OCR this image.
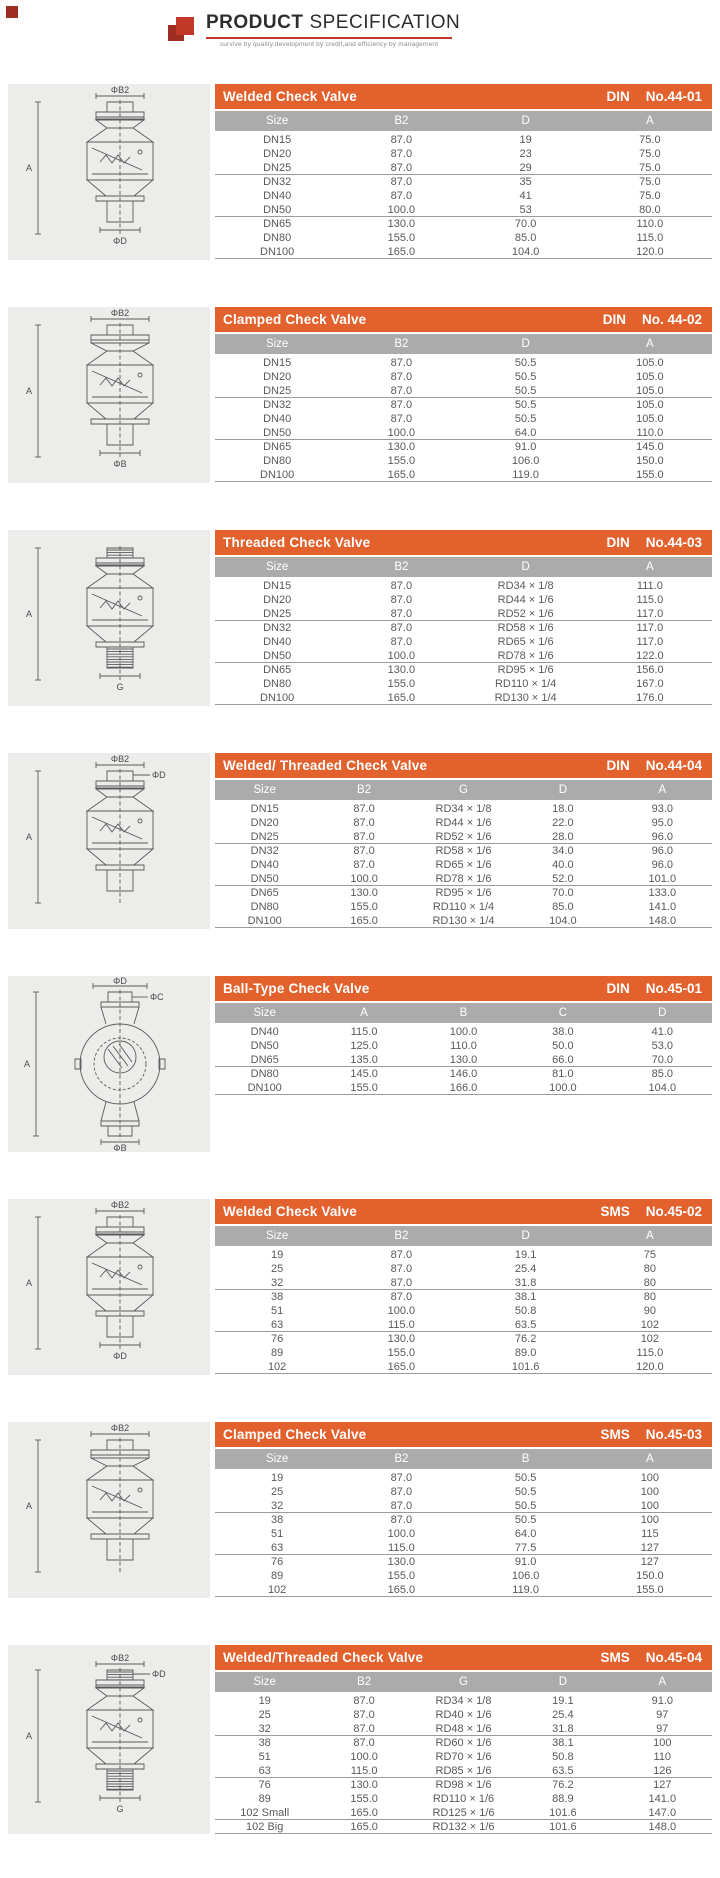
PRODUCT SPECIFICATION
survive by quality,development by credit,and efficiency by management
ΦB2
A
ΦD
Welded Check Valve	DIN No.44-01
Size	B2	D	A
DN15	87.0	19	75.0
DN20	87.0	23	75.0
DN25	87.0	29	75.0
DN32	87.0	35	75.0
DN40	87.0	41	75.0
DN50	100.0	53	80.0
DN65	130.0	70.0	110.0
DN80	155.0	85.0	115.0
DN100	165.0	104.0	120.0
ΦB2
A
ΦB
Clamped Check Valve	DIN No. 44-02
Size	B2	D	A
DN15	87.0	50.5	105.0
DN20	87.0	50.5	105.0
DN25	87.0	50.5	105.0
DN32	87.0	50.5	105.0
DN40	87.0	50.5	105.0
DN50	100.0	64.0	110.0
DN65	130.0	91.0	145.0
DN80	155.0	106.0	150.0
DN100	165.0	119.0	155.0
A
G
Threaded Check Valve	DIN No.44-03
Size	B2	D	A
DN15	87.0	RD34 × 1/8	111.0
DN20	87.0	RD44 × 1/6	115.0
DN25	87.0	RD52 × 1/6	117.0
DN32	87.0	RD58 × 1/6	117.0
DN40	87.0	RD65 × 1/6	117.0
DN50	100.0	RD78 × 1/6	122.0
DN65	130.0	RD95 × 1/6	156.0
DN80	155.0	RD110 × 1/4	167.0
DN100	165.0	RD130 × 1/4	176.0
ΦB2
ΦD
A
Welded/ Threaded Check Valve	DIN No.44-04
Size	B2	G	D	A
DN15	87.0	RD34 × 1/8	18.0	93.0
DN20	87.0	RD44 × 1/6	22.0	95.0
DN25	87.0	RD52 × 1/6	28.0	96.0
DN32	87.0	RD58 × 1/6	34.0	96.0
DN40	87.0	RD65 × 1/6	40.0	96.0
DN50	100.0	RD78 × 1/6	52.0	101.0
DN65	130.0	RD95 × 1/6	70.0	133.0
DN80	155.0	RD110 × 1/4	85.0	141.0
DN100	165.0	RD130 × 1/4	104.0	148.0
ΦD
ΦC
A
ΦB
Ball-Type Check Valve	DIN No.45-01
Size	A	B	C	D
DN40	115.0	100.0	38.0	41.0
DN50	125.0	110.0	50.0	53.0
DN65	135.0	130.0	66.0	70.0
DN80	145.0	146.0	81.0	85.0
DN100	155.0	166.0	100.0	104.0
ΦB2
A
ΦD
Welded Check Valve	SMS No.45-02
Size	B2	D	A
19	87.0	19.1	75
25	87.0	25.4	80
32	87.0	31.8	80
38	87.0	38.1	80
51	100.0	50.8	90
63	115.0	63.5	102
76	130.0	76.2	102
89	155.0	89.0	115.0
102	165.0	101.6	120.0
ΦB2
A
Clamped Check Valve	SMS No.45-03
Size	B2	B	A
19	87.0	50.5	100
25	87.0	50.5	100
32	87.0	50.5	100
38	87.0	50.5	100
51	100.0	64.0	115
63	115.0	77.5	127
76	130.0	91.0	127
89	155.0	106.0	150.0
102	165.0	119.0	155.0
ΦB2
ΦD
A
G
Welded/Threaded Check Valve	SMS No.45-04
Size	B2	G	D	A
19	87.0	RD34 × 1/8	19.1	91.0
25	87.0	RD40 × 1/6	25.4	97
32	87.0	RD48 × 1/6	31.8	97
38	87.0	RD60 × 1/6	38.1	100
51	100.0	RD70 × 1/6	50.8	110
63	115.0	RD85 × 1/6	63.5	126
76	130.0	RD98 × 1/6	76.2	127
89	155.0	RD110 × 1/6	88.9	141.0
102 Small	165.0	RD125 × 1/6	101.6	147.0
102 Big	165.0	RD132 × 1/6	101.6	148.0
